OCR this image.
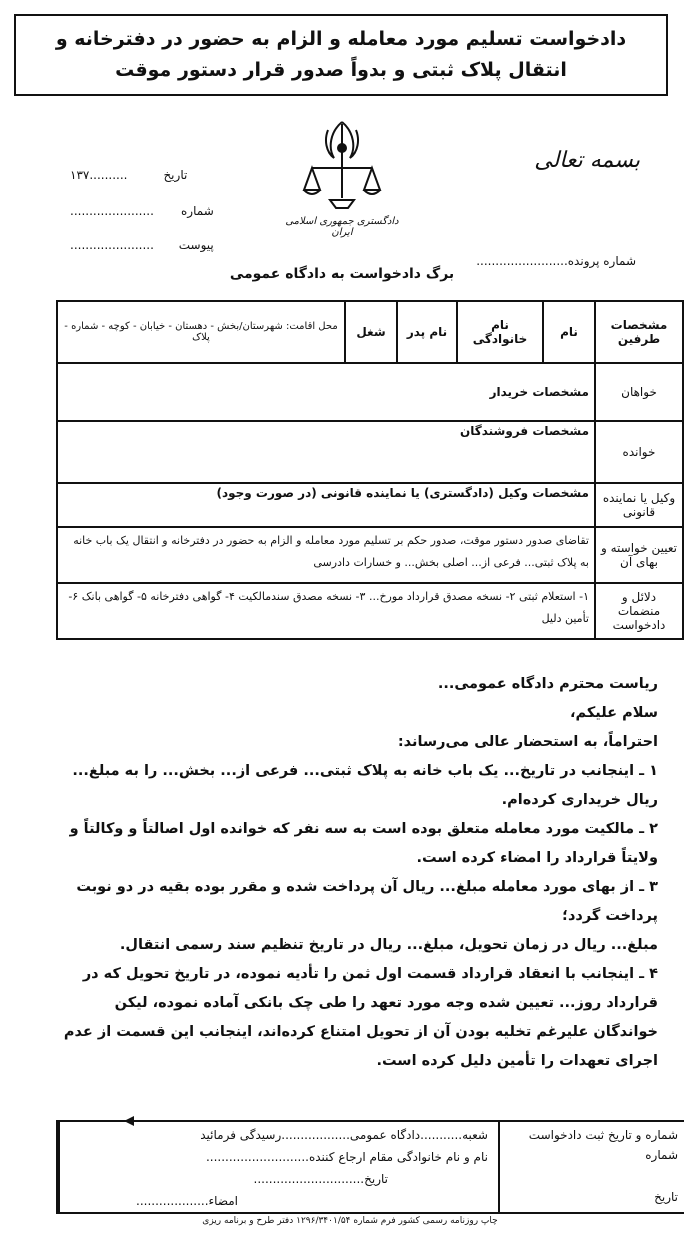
دادخواست تسلیم مورد معامله و الزام به حضور در دفترخانه و
انتقال پلاک ثبتی و بدواً صدور قرار دستور موقت
بسمه تعالی
دادگستری جمهوری اسلامی ایران
تاریخ ..........۱۳۷
شماره ......................
پیوست ......................
شماره پرونده........................
برگ دادخواست به دادگاه عمومی
مشخصات طرفین	نام	نام خانوادگی	نام پدر	شغل	محل اقامت: شهرستان/بخش - دهستان - خیابان - کوچه - شماره - پلاک
خواهان	مشخصات خریدار				
خوانده	مشخصات فروشندگان				
وکیل یا نماینده قانونی	مشخصات وکیل (دادگستری) یا نماینده قانونی (در صورت وجود)				
تعیین خواسته و بهای آن	تقاضای صدور دستور موقت، صدور حکم بر تسلیم مورد معامله و الزام به حضور در دفترخانه و انتقال یک باب خانه به پلاک ثبتی... فرعی از... اصلی بخش... و خسارات دادرسی				
دلائل و منضمات دادخواست	۱- استعلام ثبتی ۲- نسخه مصدق قرارداد مورخ... ۳- نسخه مصدق سندمالکیت ۴- گواهی دفترخانه ۵- گواهی بانک ۶- تأمین دلیل				

ریاست محترم دادگاه عمومی...

سلام علیکم،

احتراماً، به استحضار عالی می‌رساند:

۱ ـ اینجانب در تاریخ... یک باب خانه به پلاک ثبتی... فرعی از... بخش... را به مبلغ... ریال خریداری کرده‌ام.

۲ ـ مالکیت مورد معامله متعلق بوده است به سه نفر که خوانده اول اصالتاً و وکالتاً و ولایتاً قرارداد را امضاء کرده است.

۳ ـ از بهای مورد معامله مبلغ... ریال آن پرداخت شده و مقرر بوده بقیه در دو نوبت پرداخت گردد؛

مبلغ... ریال در زمان تحویل، مبلغ... ریال در تاریخ تنظیم سند رسمی انتقال.

۴ ـ اینجانب با انعقاد قرارداد قسمت اول ثمن را تأدیه نموده، در تاریخ تحویل که در قرارداد روز... تعیین شده وجه مورد تعهد را طی چک بانکی آماده نموده، لیکن خواندگان علیرغم تخلیه بودن آن از تحویل امتناع کرده‌اند، اینجانب این قسمت از عدم اجرای تعهدات را تأمین دلیل کرده است.

شماره و تاریخ ثبت دادخواست
شماره
تاریخ
شعبه...........دادگاه عمومی..................رسیدگی فرمائید
نام و نام خانوادگی مقام ارجاع کننده...........................
تاریخ.............................
امضاء...................
چاپ روزنامه رسمی کشور فرم شماره ۱۲۹۶/۳۴۰۱/۵۴ دفتر طرح و برنامه ریزی
